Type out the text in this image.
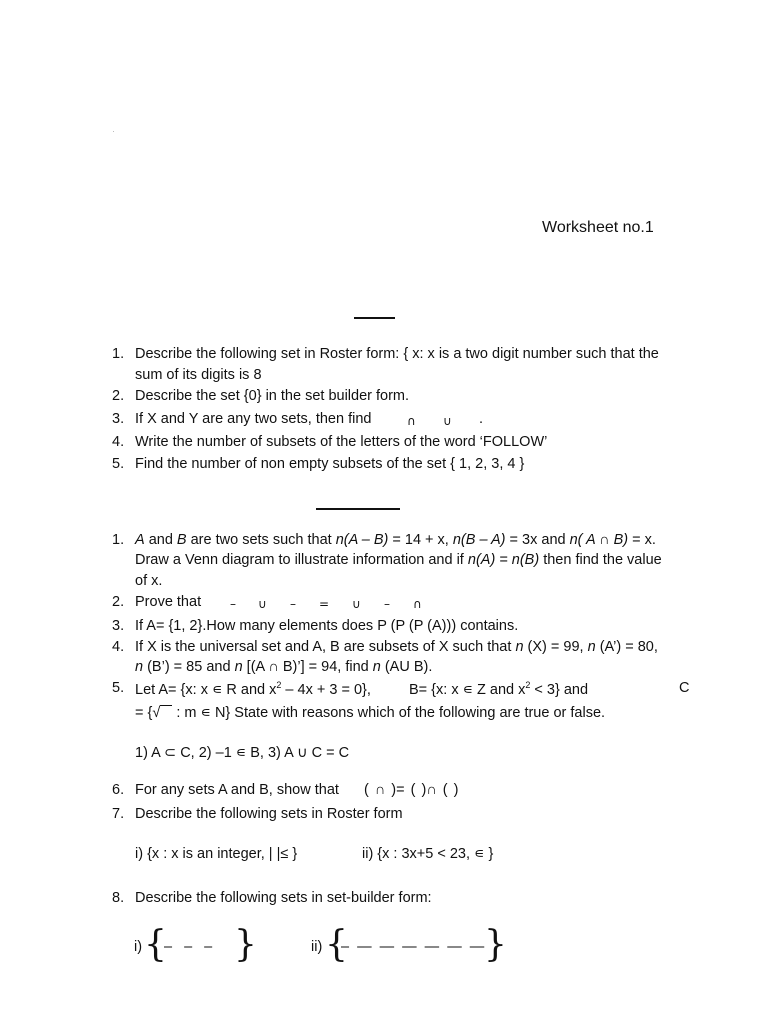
Worksheet no.1
1. Describe the following set in Roster form: { x: x is a two digit number such that the
sum of its digits is 8
2. Describe the set {0} in the set builder form.
3. If X and Y are any two sets, then find	∩ ∪ .
4. Write the number of subsets of the letters of the word ‘FOLLOW’
5. Find the number of non empty subsets of the set { 1, 2, 3, 4 }
1. A and B are two sets such that n(A – B) = 14 + x, n(B – A) = 3x and n( A ∩ B) = x.
Draw a Venn diagram to illustrate information and if n(A) = n(B) then find the value
of x.
2. Prove that – ∪ – = ∪ – ∩
3. If A= {1, 2}.How many elements does P (P (P (A))) contains.
4. If X is the universal set and A, B are subsets of X such that n (X) = 99, n (A’) = 80,
n (B’) = 85 and n [(A ∩ B)’] = 94, find n (AU B).
5. Let A= {x: x ∊ R and $x^2 - 4x + 3 = 0$},	B= {x: x ∊ Z and $x^2 < 3$} and	C
= {√ : m ∊ N} State with reasons which of the following are true or false.
1) A ⊂ C, 2) –1 ∊ B, 3) A ∪ C = C
6. For any sets A and B, show that ( ∩ )= ( )∩ ( )
7. Describe the following sets in Roster form
i) {x : x is an integer, | |≤ }	ii) {x : 3x+5 < 23, ∊ }
8. Describe the following sets in set-builder form:
i) {
– – – }	ii) {
– — — — — — —
}
